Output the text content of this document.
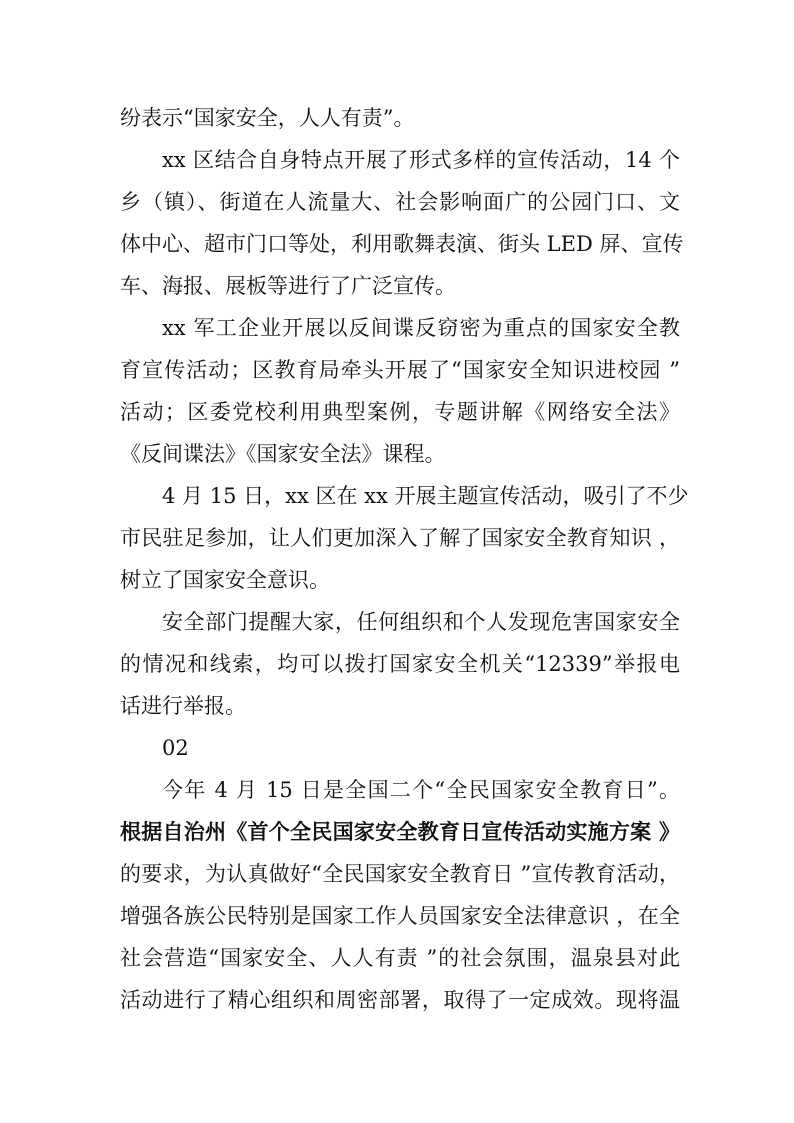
纷表示“国家安全，人人有责”。

xx 区结合自身特点开展了形式多样的宣传活动，14 个

乡（镇）、街道在人流量大、社会影响面广的公园门口、文

体中心、超市门口等处，利用歌舞表演、街头 LED 屏、宣传

车、海报、展板等进行了广泛宣传。

xx 军工企业开展以反间谍反窃密为重点的国家安全教

育宣传活动；区教育局牵头开展了“国家安全知识进校园 ”

活动；区委党校利用典型案例，专题讲解《网络安全法》

《反间谍法》《国家安全法》课程。

4 月 15 日，xx 区在 xx 开展主题宣传活动，吸引了不少

市民驻足参加，让人们更加深入了解了国家安全教育知识 ，

树立了国家安全意识。

安全部门提醒大家，任何组织和个人发现危害国家安全

的情况和线索，均可以拨打国家安全机关“12339”举报电

话进行举报。

02

今年 4 月 15 日是全国二个“全民国家安全教育日”。

根据自治州《首个全民国家安全教育日宣传活动实施方案 》

的要求，为认真做好“全民国家安全教育日 ”宣传教育活动，

增强各族公民特别是国家工作人员国家安全法律意识 ，在全

社会营造“国家安全、人人有责 ”的社会氛围，温泉县对此

活动进行了精心组织和周密部署，取得了一定成效。现将温
